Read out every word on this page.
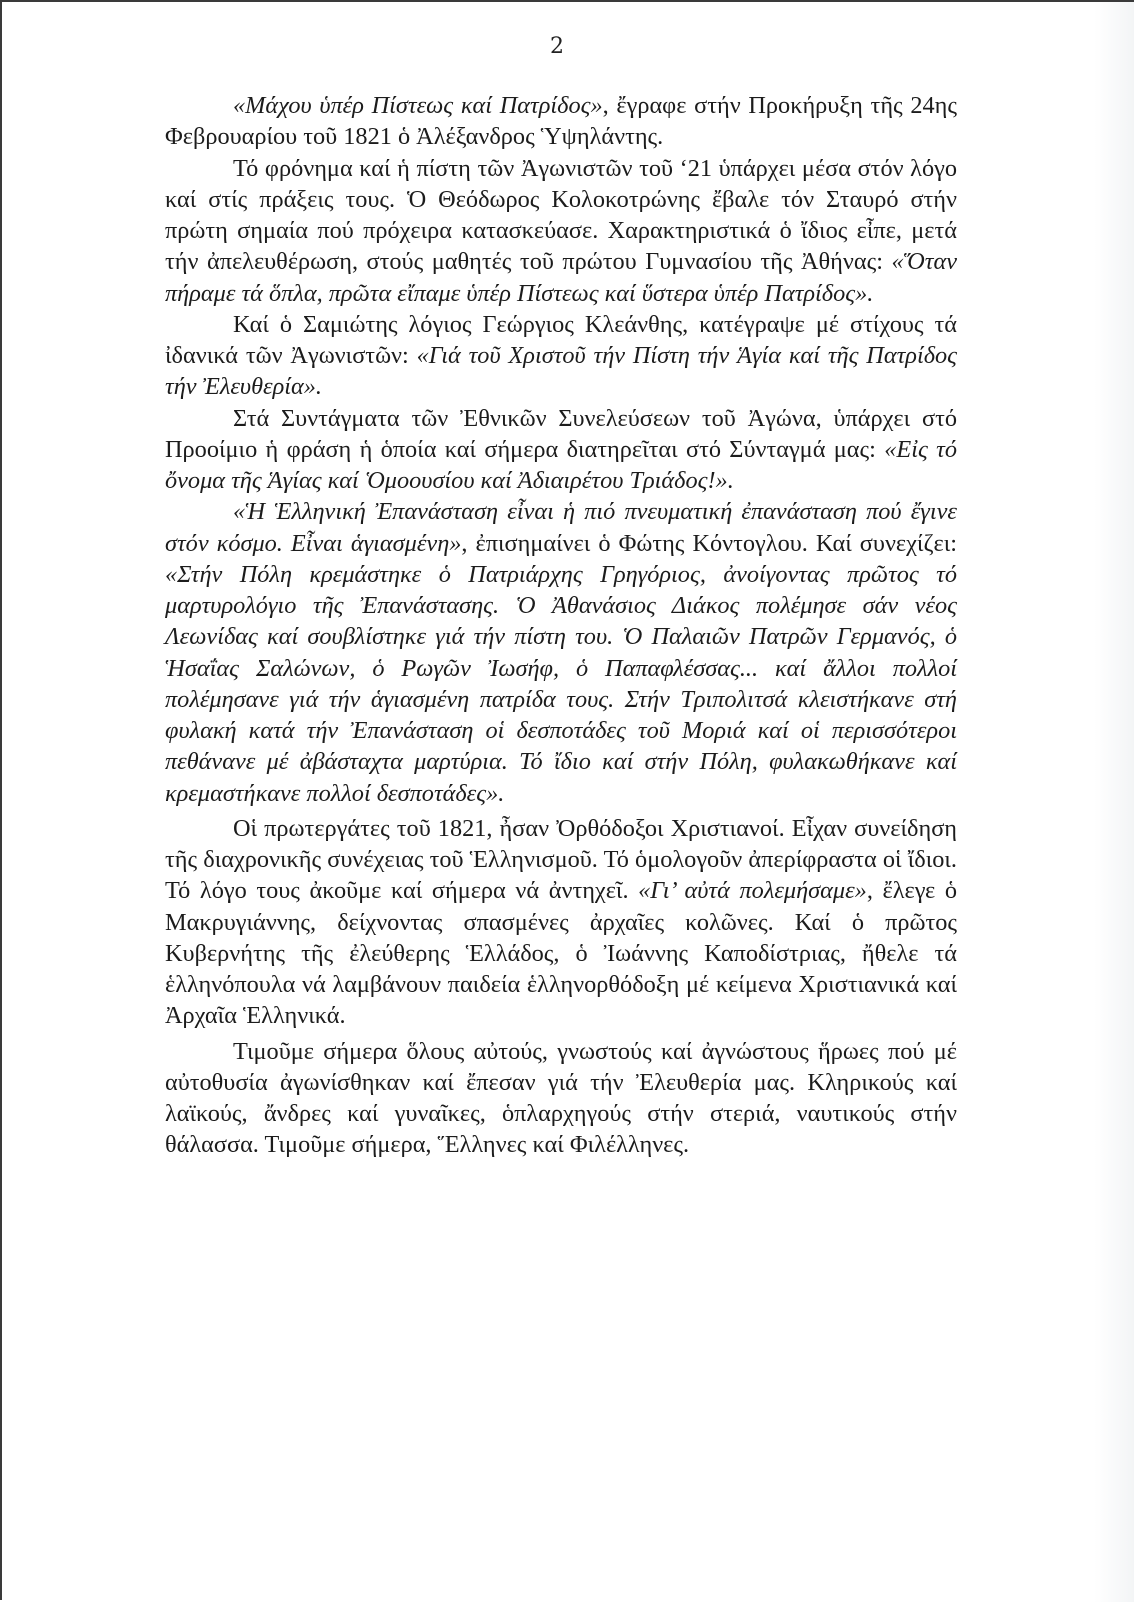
2

«Μάχου ὑπέρ Πίστεως καί Πατρίδος», ἔγραφε στήν Προκήρυξη τῆς 24ης Φεβρουαρίου τοῦ 1821 ὁ Ἀλέξανδρος Ὑψηλάντης.

Τό φρόνημα καί ἡ πίστη τῶν Ἀγωνιστῶν τοῦ ‘21 ὑπάρχει μέσα στόν λόγο καί στίς πράξεις τους. Ὁ Θεόδωρος Κολοκοτρώνης ἔβαλε τόν Σταυρό στήν πρώτη σημαία πού πρόχειρα κατασκεύασε. Χαρακτηριστικά ὁ ἴδιος εἶπε, μετά τήν ἀπελευθέρωση, στούς μαθητές τοῦ πρώτου Γυμνασίου τῆς Ἀθήνας: «Ὅταν πήραμε τά ὅπλα, πρῶτα εἴπαμε ὑπέρ Πίστεως καί ὕστερα ὑπέρ Πατρίδος».

Καί ὁ Σαμιώτης λόγιος Γεώργιος Κλεάνθης, κατέγραψε μέ στίχους τά ἰδανικά τῶν Ἀγωνιστῶν: «Γιά τοῦ Χριστοῦ τήν Πίστη τήν Ἁγία καί τῆς Πατρίδος τήν Ἐλευθερία».

Στά Συντάγματα τῶν Ἐθνικῶν Συνελεύσεων τοῦ Ἀγώνα, ὑπάρχει στό Προοίμιο ἡ φράση ἡ ὁποία καί σήμερα διατηρεῖται στό Σύνταγμά μας: «Εἰς τό ὄνομα τῆς Ἁγίας καί Ὁμοουσίου καί Ἀδιαιρέτου Τριάδος!».

«Ἡ Ἑλληνική Ἐπανάσταση εἶναι ἡ πιό πνευματική ἐπανάσταση πού ἔγινε στόν κόσμο. Εἶναι ἁγιασμένη», ἐπισημαίνει ὁ Φώτης Κόντογλου. Καί συνεχίζει: «Στήν Πόλη κρεμάστηκε ὁ Πατριάρχης Γρηγόριος, ἀνοίγοντας πρῶτος τό μαρτυρολόγιο τῆς Ἐπανάστασης. Ὁ Ἀθανάσιος Διάκος πολέμησε σάν νέος Λεωνίδας καί σουβλίστηκε γιά τήν πίστη του. Ὁ Παλαιῶν Πατρῶν Γερμανός, ὁ Ἡσαΐας Σαλώνων, ὁ Ρωγῶν Ἰωσήφ, ὁ Παπαφλέσσας... καί ἄλλοι πολλοί πολέμησανε γιά τήν ἁγιασμένη πατρίδα τους. Στήν Τριπολιτσά κλειστήκανε στή φυλακή κατά τήν Ἐπανάσταση οἱ δεσποτάδες τοῦ Μοριά καί οἱ περισσότεροι πεθάνανε μέ ἀβάσταχτα μαρτύρια. Τό ἴδιο καί στήν Πόλη, φυλακωθήκανε καί κρεμαστήκανε πολλοί δεσποτάδες».

Οἱ πρωτεργάτες τοῦ 1821, ἦσαν Ὀρθόδοξοι Χριστιανοί. Εἶχαν συνείδηση τῆς διαχρονικῆς συνέχειας τοῦ Ἑλληνισμοῦ. Τό ὁμολογοῦν ἀπερίφραστα οἱ ἴδιοι. Τό λόγο τους ἀκοῦμε καί σήμερα νά ἀντηχεῖ. «Γι’ αὐτά πολεμήσαμε», ἔλεγε ὁ Μακρυγιάννης, δείχνοντας σπασμένες ἀρχαῖες κολῶνες. Καί ὁ πρῶτος Κυβερνήτης τῆς ἐλεύθερης Ἑλλάδος, ὁ Ἰωάννης Καποδίστριας, ἤθελε τά ἑλληνόπουλα νά λαμβάνουν παιδεία ἑλληνορθόδοξη μέ κείμενα Χριστιανικά καί Ἀρχαῖα Ἑλληνικά.

Τιμοῦμε σήμερα ὅλους αὐτούς, γνωστούς καί ἀγνώστους ἥρωες πού μέ αὐτοθυσία ἀγωνίσθηκαν καί ἔπεσαν γιά τήν Ἐλευθερία μας. Κληρικούς καί λαϊκούς, ἄνδρες καί γυναῖκες, ὁπλαρχηγούς στήν στεριά, ναυτικούς στήν θάλασσα. Τιμοῦμε σήμερα, Ἕλληνες καί Φιλέλληνες.
